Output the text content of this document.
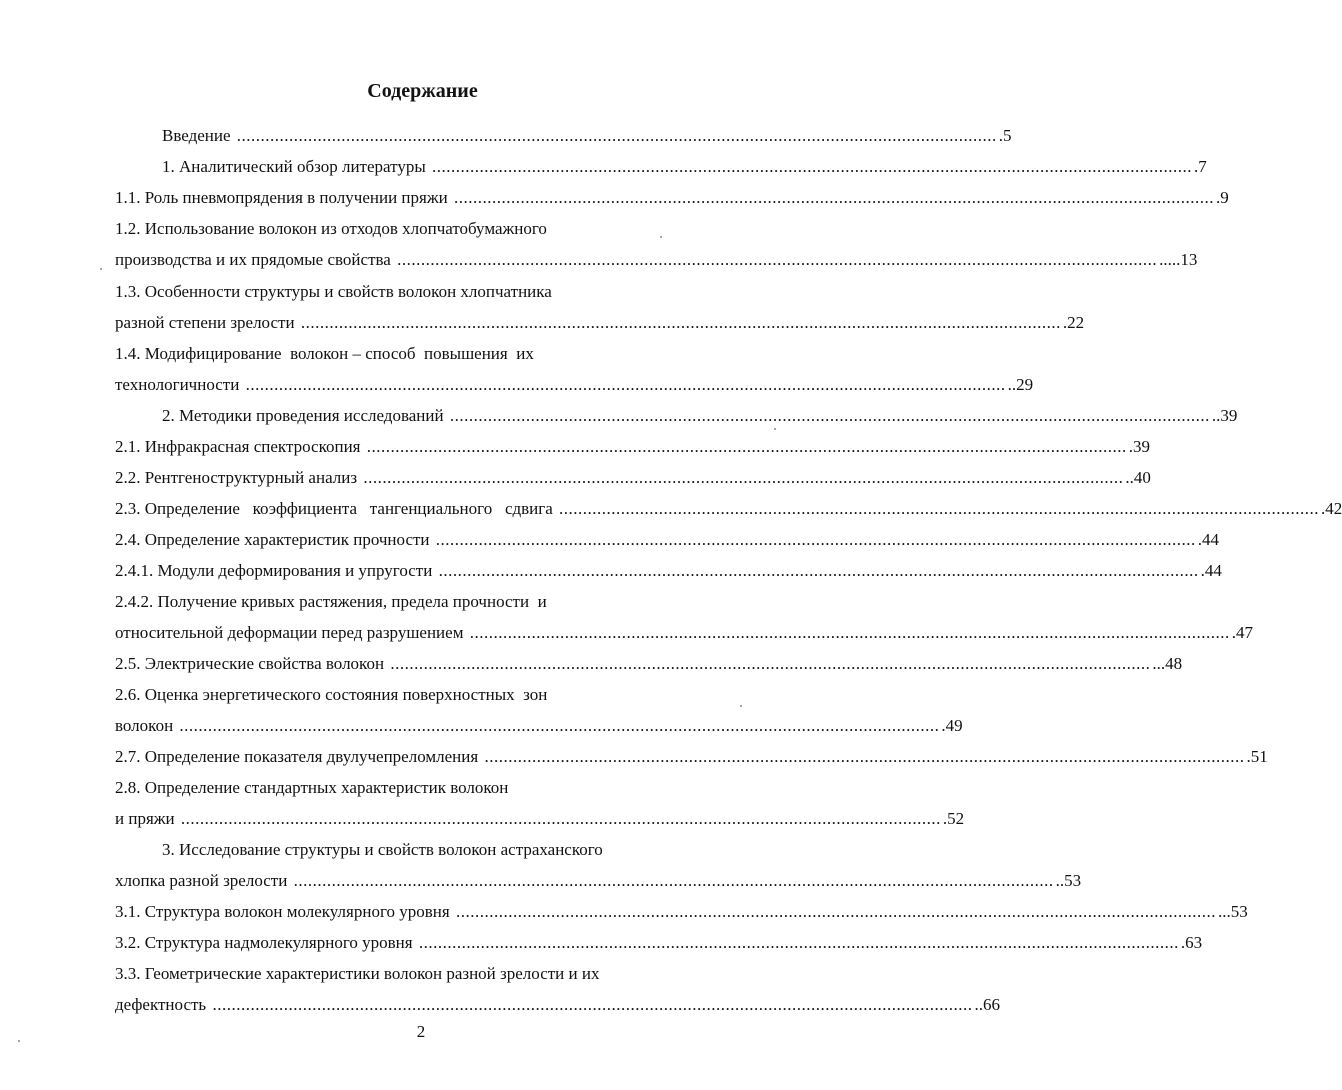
Содержание
Введение ................................................................................................................................................................ .5
1. Аналитический обзор литературы ................................................................................................................................................................ .7
1.1. Роль пневмопрядения в получении пряжи ................................................................................................................................................................ .9
1.2. Использование волокон из отходов хлопчатобумажного
производства и их прядомые свойства ................................................................................................................................................................ .....13
1.3. Особенности структуры и свойств волокон хлопчатника
разной степени зрелости ................................................................................................................................................................ .22
1.4. Модифицирование  волокон – способ  повышения  их
технологичности ................................................................................................................................................................ ..29
2. Методики проведения исследований ................................................................................................................................................................ ..39
2.1. Инфракрасная спектроскопия ................................................................................................................................................................ .39
2.2. Рентгеноструктурный анализ ................................................................................................................................................................ ..40
2.3. Определение   коэффициента   тангенциального   сдвига ................................................................................................................................................................ .42
2.4. Определение характеристик прочности ................................................................................................................................................................ .44
2.4.1. Модули деформирования и упругости ................................................................................................................................................................ .44
2.4.2. Получение кривых растяжения, предела прочности  и
относительной деформации перед разрушением ................................................................................................................................................................ .47
2.5. Электрические свойства волокон ................................................................................................................................................................ ...48
2.6. Оценка энергетического состояния поверхностных  зон
волокон ................................................................................................................................................................ .49
2.7. Определение показателя двулучепреломления ................................................................................................................................................................ .51
2.8. Определение стандартных характеристик волокон
и пряжи ................................................................................................................................................................ .52
3. Исследование структуры и свойств волокон астраханского
хлопка разной зрелости ................................................................................................................................................................ ..53
3.1. Структура волокон молекулярного уровня ................................................................................................................................................................ ...53
3.2. Структура надмолекулярного уровня ................................................................................................................................................................ .63
3.3. Геометрические характеристики волокон разной зрелости и их
дефектность ................................................................................................................................................................ ..66
2
